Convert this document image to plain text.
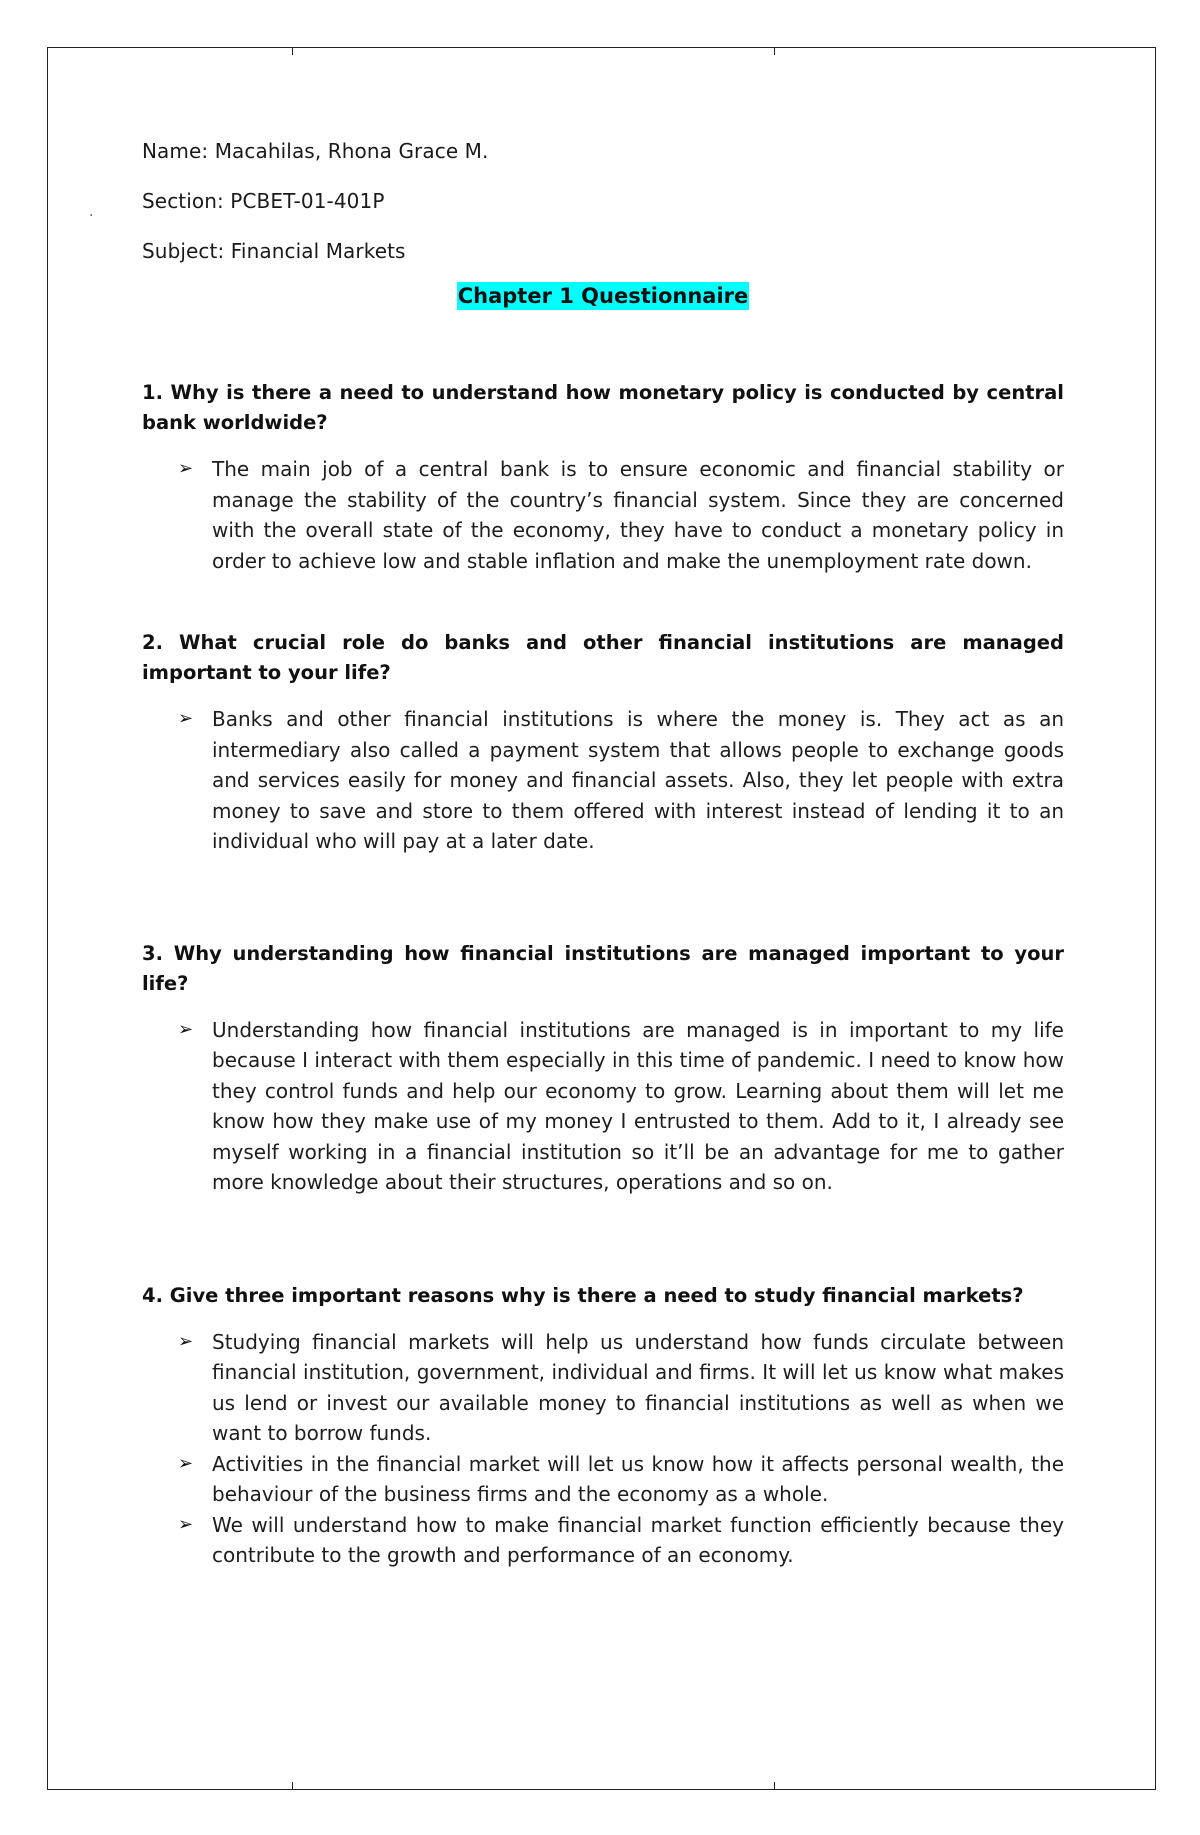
.

Name: Macahilas, Rhona Grace M.

Section: PCBET-01-401P

Subject: Financial Markets

Chapter 1 Questionnaire

1. Why is there a need to understand how monetary policy is conducted by central bank worldwide?

➢ The main job of a central bank is to ensure economic and financial stability or manage the stability of the country’s financial system. Since they are concerned with the overall state of the economy, they have to conduct a monetary policy in order to achieve low and stable inflation and make the unemployment rate down.

2. What crucial role do banks and other financial institutions are managed important to your life?

➢ Banks and other financial institutions is where the money is. They act as an intermediary also called a payment system that allows people to exchange goods and services easily for money and financial assets. Also, they let people with extra money to save and store to them offered with interest instead of lending it to an individual who will pay at a later date.

3. Why understanding how financial institutions are managed important to your life?

➢ Understanding how financial institutions are managed is in important to my life because I interact with them especially in this time of pandemic. I need to know how they control funds and help our economy to grow. Learning about them will let me know how they make use of my money I entrusted to them. Add to it, I already see myself working in a financial institution so it’ll be an advantage for me to gather more knowledge about their structures, operations and so on.

4. Give three important reasons why is there a need to study financial markets?

➢ Studying financial markets will help us understand how funds circulate between financial institution, government, individual and firms. It will let us know what makes us lend or invest our available money to financial institutions as well as when we want to borrow funds.
➢ Activities in the financial market will let us know how it affects personal wealth, the behaviour of the business firms and the economy as a whole.
➢ We will understand how to make financial market function efficiently because they contribute to the growth and performance of an economy.
